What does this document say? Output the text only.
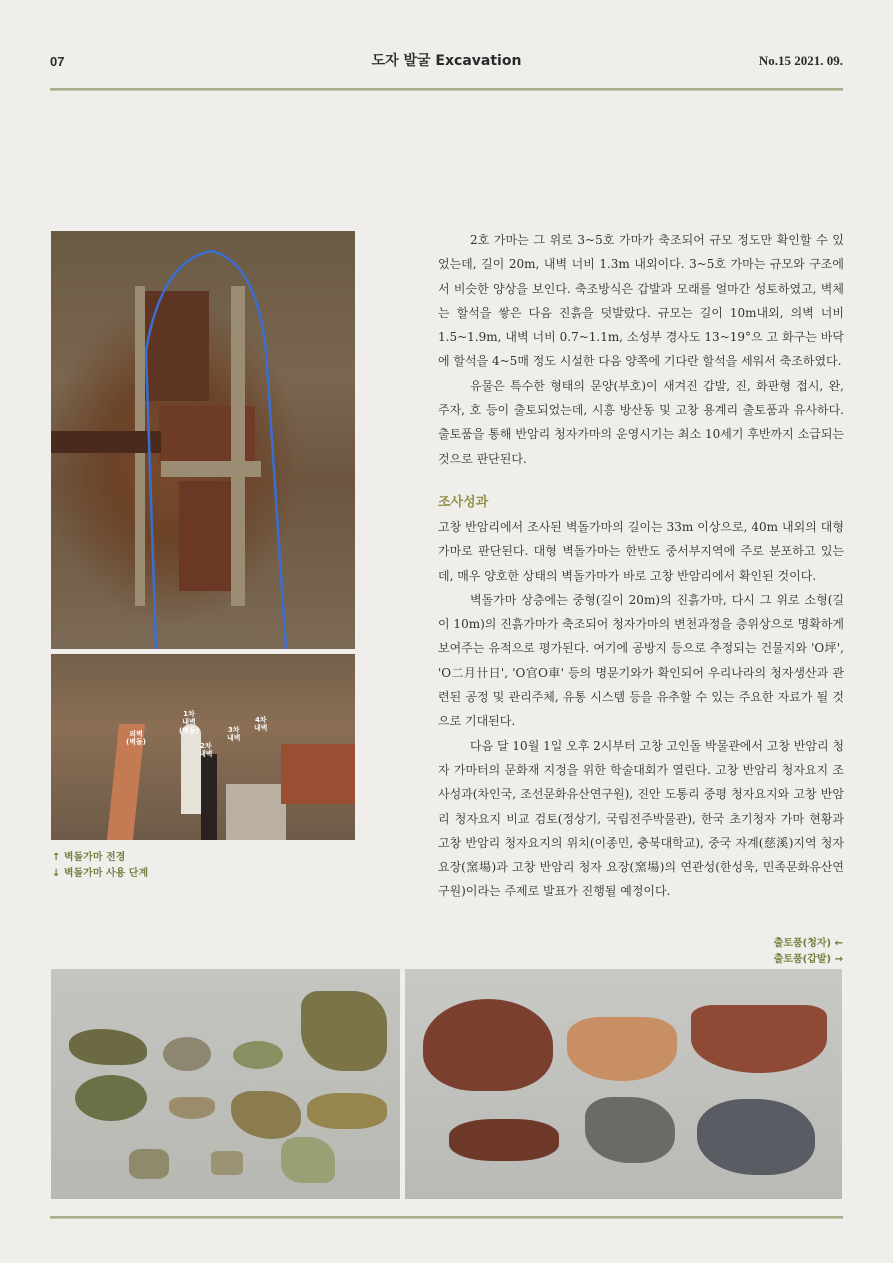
07	도자 발굴 Excavation	No.15 2021. 09.
외벽
(벽돌)
1차
내벽
(벽돌)
2차
내벽
3차
내벽
4차
내벽
↑ 벽돌가마 전경
↓ 벽돌가마 사용 단계

2호 가마는 그 위로 3~5호 가마가 축조되어 규모 정도만 확인할 수 있었는데, 길이 20m, 내벽 너비 1.3m 내외이다. 3~5호 가마는 규모와 구조에서 비슷한 양상을 보인다. 축조방식은 갑발과 모래를 얼마간 성토하였고, 벽체는 할석을 쌓은 다음 진흙을 덧발랐다. 규모는 길이 10m내외, 의벽 너비 1.5~1.9m, 내벽 너비 0.7~1.1m, 소성부 경사도 13~19°으 고 화구는 바닥에 할석을 4~5매 정도 시설한 다음 양쪽에 기다란 할석을 세워서 축조하였다.

유물은 특수한 형태의 문양(부호)이 새겨진 갑발, 진, 화판형 접시, 완, 주자, 호 등이 출토되었는데, 시흥 방산동 및 고창 용계리 출토품과 유사하다. 출토품을 통해 반암리 청자가마의 운영시기는 최소 10세기 후반까지 소급되는 것으로 판단된다.

조사성과

고창 반암리에서 조사된 벽돌가마의 길이는 33m 이상으로, 40m 내외의 대형 가마로 판단된다. 대형 벽돌가마는 한반도 중서부지역에 주로 분포하고 있는데, 매우 양호한 상태의 벽돌가마가 바로 고창 반암리에서 확인된 것이다.

벽돌가마 상층에는 중형(길이 20m)의 진흙가마, 다시 그 위로 소형(길이 10m)의 진흙가마가 축조되어 청자가마의 변천과정을 층위상으로 명확하게 보여주는 유적으로 평가된다. 여기에 공방지 등으로 추정되는 건물지와 'O坪', 'O二月卄日', 'O官O車' 등의 명문기와가 확인되어 우리나라의 청자생산과 관련된 공정 및 관리주체, 유통 시스템 등을 유추할 수 있는 주요한 자료가 될 것으로 기대된다.

다음 달 10월 1일 오후 2시부터 고창 고인돌 박물관에서 고창 반암리 청자 가마터의 문화재 지정을 위한 학술대회가 열린다. 고창 반암리 청자요지 조사성과(차인국, 조선문화유산연구원), 진안 도통리 중평 청자요지와 고창 반암리 청자요지 비교 검토(정상기, 국립전주박물관), 한국 초기청자 가마 현황과 고창 반암리 청자요지의 위치(이종민, 충북대학교), 중국 자계(慈溪)지역 청자 요장(窯場)과 고창 반암리 청자 요장(窯場)의 연관성(한성욱, 민족문화유산연구원)이라는 주제로 발표가 진행될 예정이다.

출토품(청자) ←
출토품(갑발) →
